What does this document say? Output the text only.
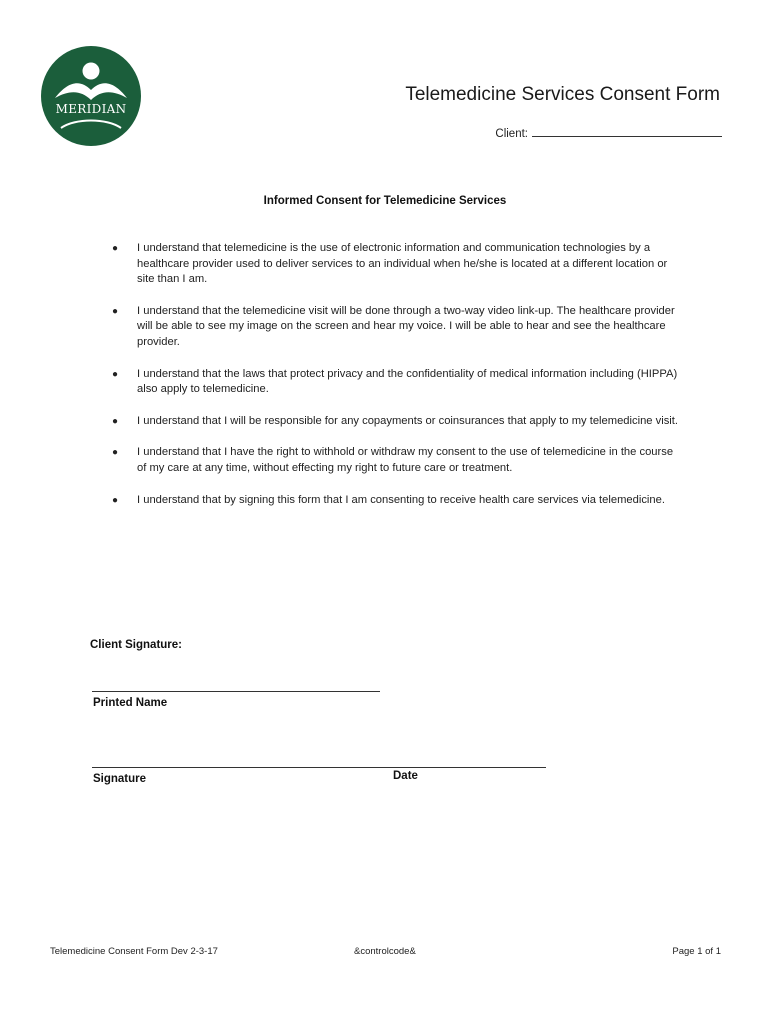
MERIDIAN
Telemedicine Services Consent Form
Client:
Informed Consent for Telemedicine Services
●	I understand that telemedicine is the use of electronic information and communication technologies by a healthcare provider used to deliver services to an individual when he/she is located at a different location or site than I am.
●	I understand that the telemedicine visit will be done through a two-way video link-up. The healthcare provider will be able to see my image on the screen and hear my voice. I will be able to hear and see the healthcare provider.
●	I understand that the laws that protect privacy and the confidentiality of medical information including (HIPPA) also apply to telemedicine.
●	I understand that I will be responsible for any copayments or coinsurances that apply to my telemedicine visit.
●	I understand that I have the right to withhold or withdraw my consent to the use of telemedicine in the course of my care at any time, without effecting my right to future care or treatment.
●	I understand that by signing this form that I am consenting to receive health care services via telemedicine.
Client Signature:
Printed Name
Signature	Date
Telemedicine Consent Form Dev 2-3-17	&controlcode&	Page 1 of 1
